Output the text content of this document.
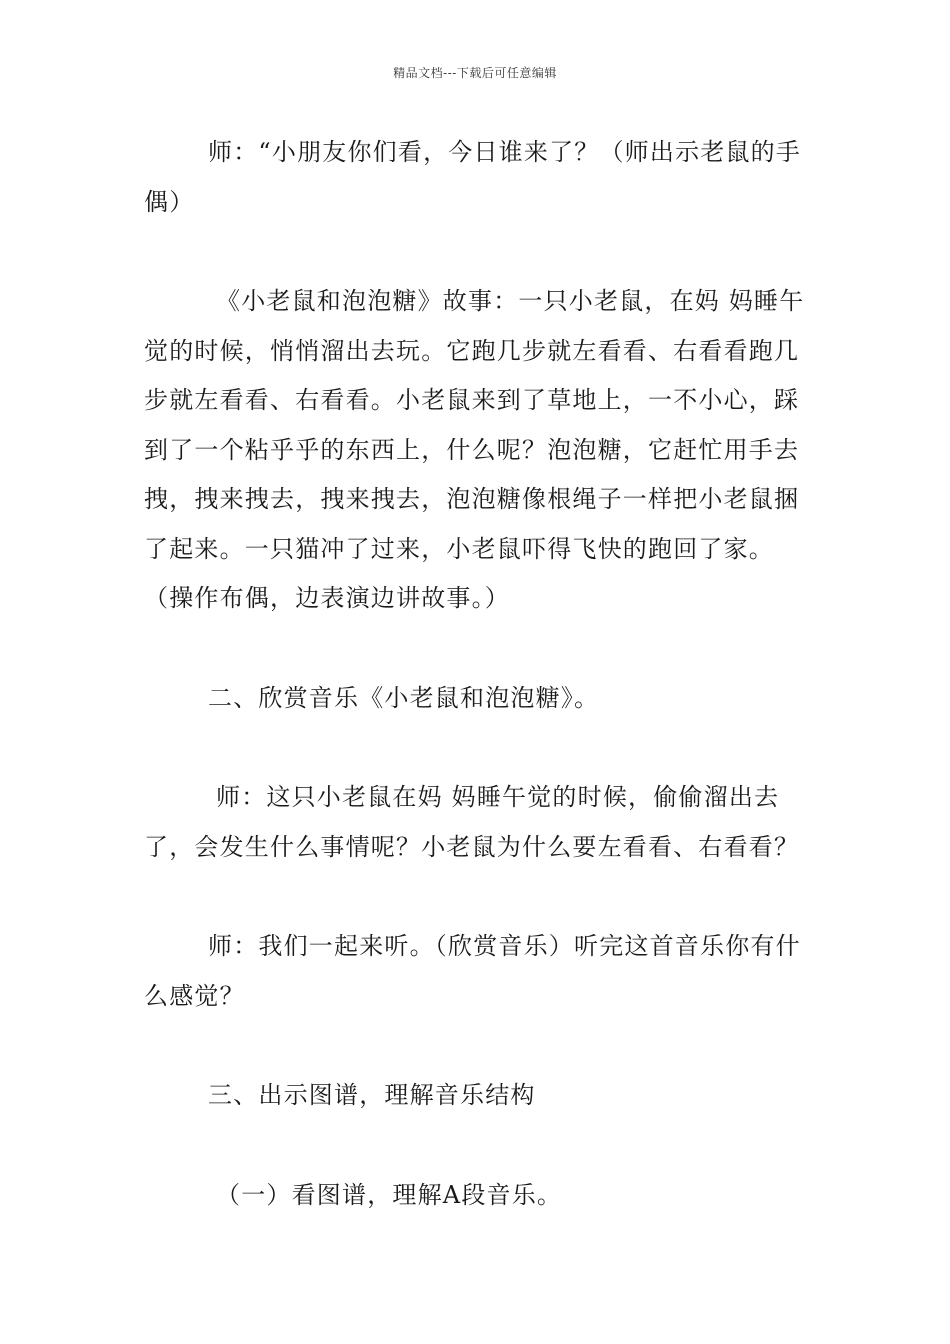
精品文档---下载后可任意编辑

师：“小朋友你们看，今日谁来了？（师出示老鼠的手偶）

《小老鼠和泡泡糖》故事：一只小老鼠，在妈 妈睡午觉的时候，悄悄溜出去玩。它跑几步就左看看、右看看跑几步就左看看、右看看。小老鼠来到了草地上，一不小心，踩到了一个粘乎乎的东西上，什么呢？泡泡糖，它赶忙用手去拽，拽来拽去，拽来拽去，泡泡糖像根绳子一样把小老鼠捆了起来。一只猫冲了过来，小老鼠吓得飞快的跑回了家。（操作布偶，边表演边讲故事。）

二、欣赏音乐《小老鼠和泡泡糖》。

师：这只小老鼠在妈 妈睡午觉的时候，偷偷溜出去了，会发生什么事情呢？小老鼠为什么要左看看、右看看？

师：我们一起来听。（欣赏音乐）听完这首音乐你有什么感觉？

三、出示图谱，理解音乐结构

（一）看图谱，理解A段音乐。
